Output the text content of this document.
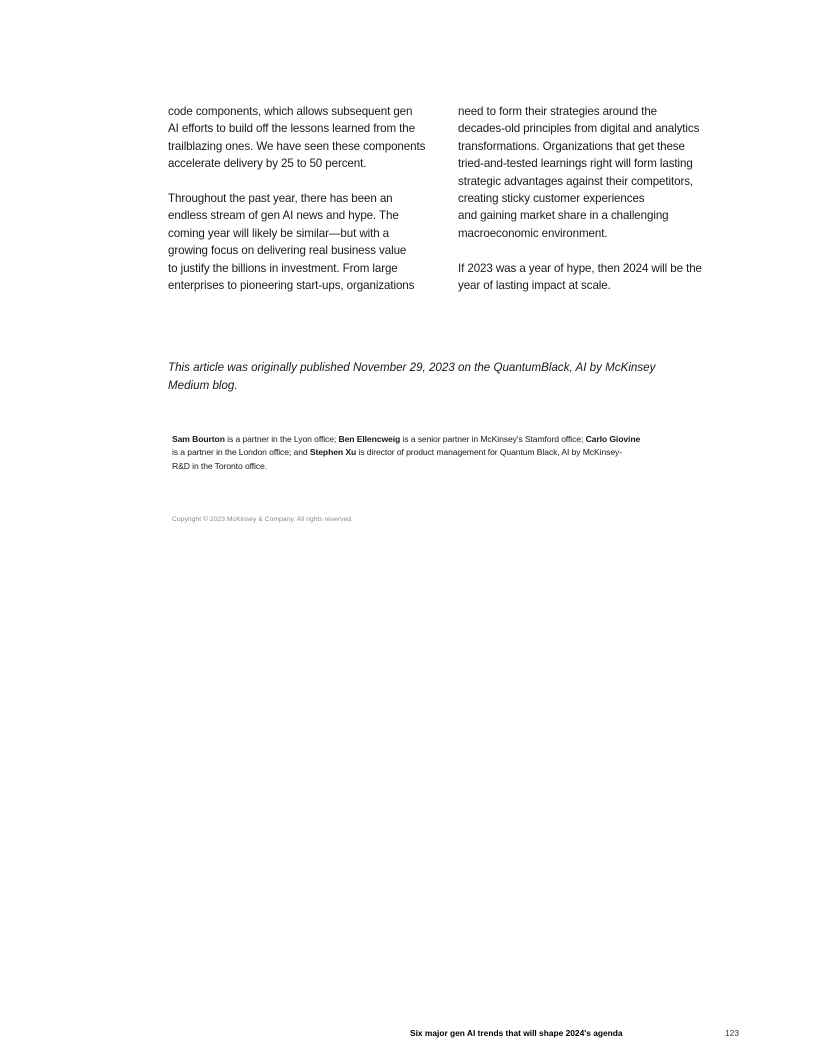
code components, which allows subsequent gen
AI efforts to build off the lessons learned from the
trailblazing ones. We have seen these components
accelerate delivery by 25 to 50 percent.
Throughout the past year, there has been an
endless stream of gen AI news and hype. The
coming year will likely be similar—but with a
growing focus on delivering real business value
to justify the billions in investment. From large
enterprises to pioneering start-ups, organizations
need to form their strategies around the
decades-old principles from digital and analytics
transformations. Organizations that get these
tried-and-tested learnings right will form lasting
strategic advantages against their competitors,
creating sticky customer experiences
and gaining market share in a challenging
macroeconomic environment.
If 2023 was a year of hype, then 2024 will be the
year of lasting impact at scale.
This article was originally published November 29, 2023 on the QuantumBlack, AI by McKinsey
Medium blog.
Sam Bourton is a partner in the Lyon office; Ben Ellencweig is a senior partner in McKinsey's Stamford office; Carlo Giovine
is a partner in the London office; and Stephen Xu is director of product management for Quantum Black, AI by McKinsey-
R&D in the Toronto office.
Copyright © 2023 McKinsey & Company. All rights reserved.
Six major gen AI trends that will shape 2024's agenda	123
